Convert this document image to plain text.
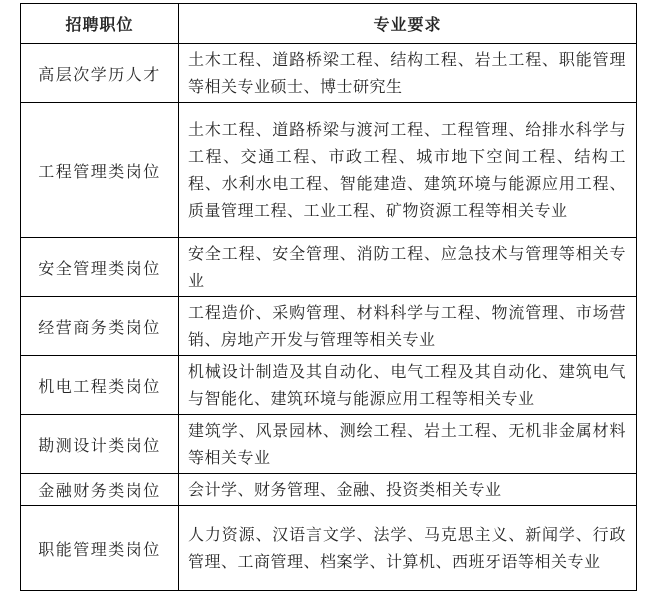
招聘职位	专业要求
高层次学历人才	土木工程、道路桥梁工程、结构工程、岩土工程、职能管理等相关专业硕士、博士研究生
工程管理类岗位	土木工程、道路桥梁与渡河工程、工程管理、给排水科学与工程、交通工程、市政工程、城市地下空间工程、结构工程、水利水电工程、智能建造、建筑环境与能源应用工程、质量管理工程、工业工程、矿物资源工程等相关专业
安全管理类岗位	安全工程、安全管理、消防工程、应急技术与管理等相关专业
经营商务类岗位	工程造价、采购管理、材料科学与工程、物流管理、市场营销、房地产开发与管理等相关专业
机电工程类岗位	机械设计制造及其自动化、电气工程及其自动化、建筑电气与智能化、建筑环境与能源应用工程等相关专业
勘测设计类岗位	建筑学、风景园林、测绘工程、岩土工程、无机非金属材料等相关专业
金融财务类岗位	会计学、财务管理、金融、投资类相关专业
职能管理类岗位	人力资源、汉语言文学、法学、马克思主义、新闻学、行政管理、工商管理、档案学、计算机、西班牙语等相关专业
